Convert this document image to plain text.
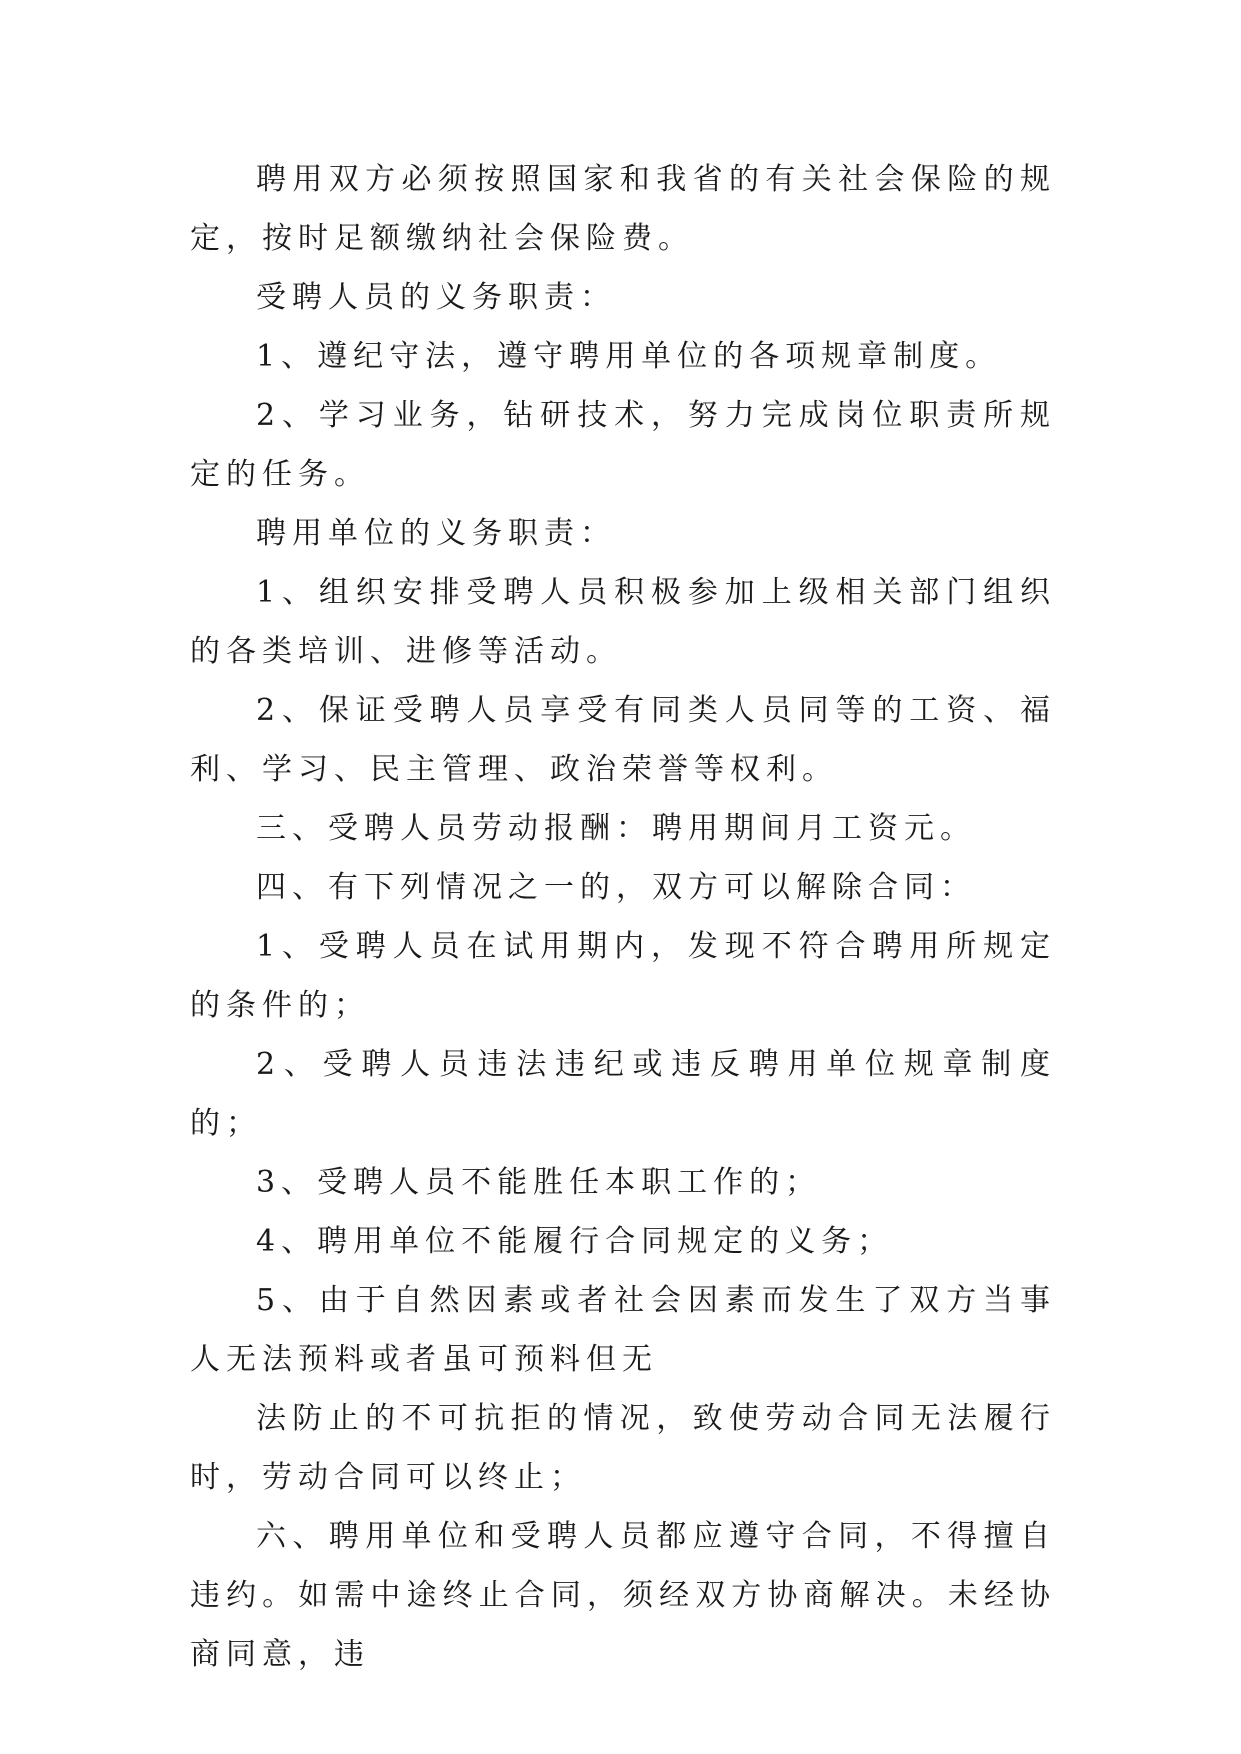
聘用双方必须按照国家和我省的有关社会保险的规定，按时足额缴纳社会保险费。

受聘人员的义务职责：

1、遵纪守法，遵守聘用单位的各项规章制度。

2、学习业务，钻研技术，努力完成岗位职责所规定的任务。

聘用单位的义务职责：

1、组织安排受聘人员积极参加上级相关部门组织的各类培训、进修等活动。

2、保证受聘人员享受有同类人员同等的工资、福利、学习、民主管理、政治荣誉等权利。

三、受聘人员劳动报酬：聘用期间月工资元。

四、有下列情况之一的，双方可以解除合同：

1、受聘人员在试用期内，发现不符合聘用所规定的条件的；

2、受聘人员违法违纪或违反聘用单位规章制度的；

3、受聘人员不能胜任本职工作的；

4、聘用单位不能履行合同规定的义务；

5、由于自然因素或者社会因素而发生了双方当事人无法预料或者虽可预料但无

法防止的不可抗拒的情况，致使劳动合同无法履行时，劳动合同可以终止；

六、聘用单位和受聘人员都应遵守合同，不得擅自违约。如需中途终止合同，须经双方协商解决。未经协商同意，违
